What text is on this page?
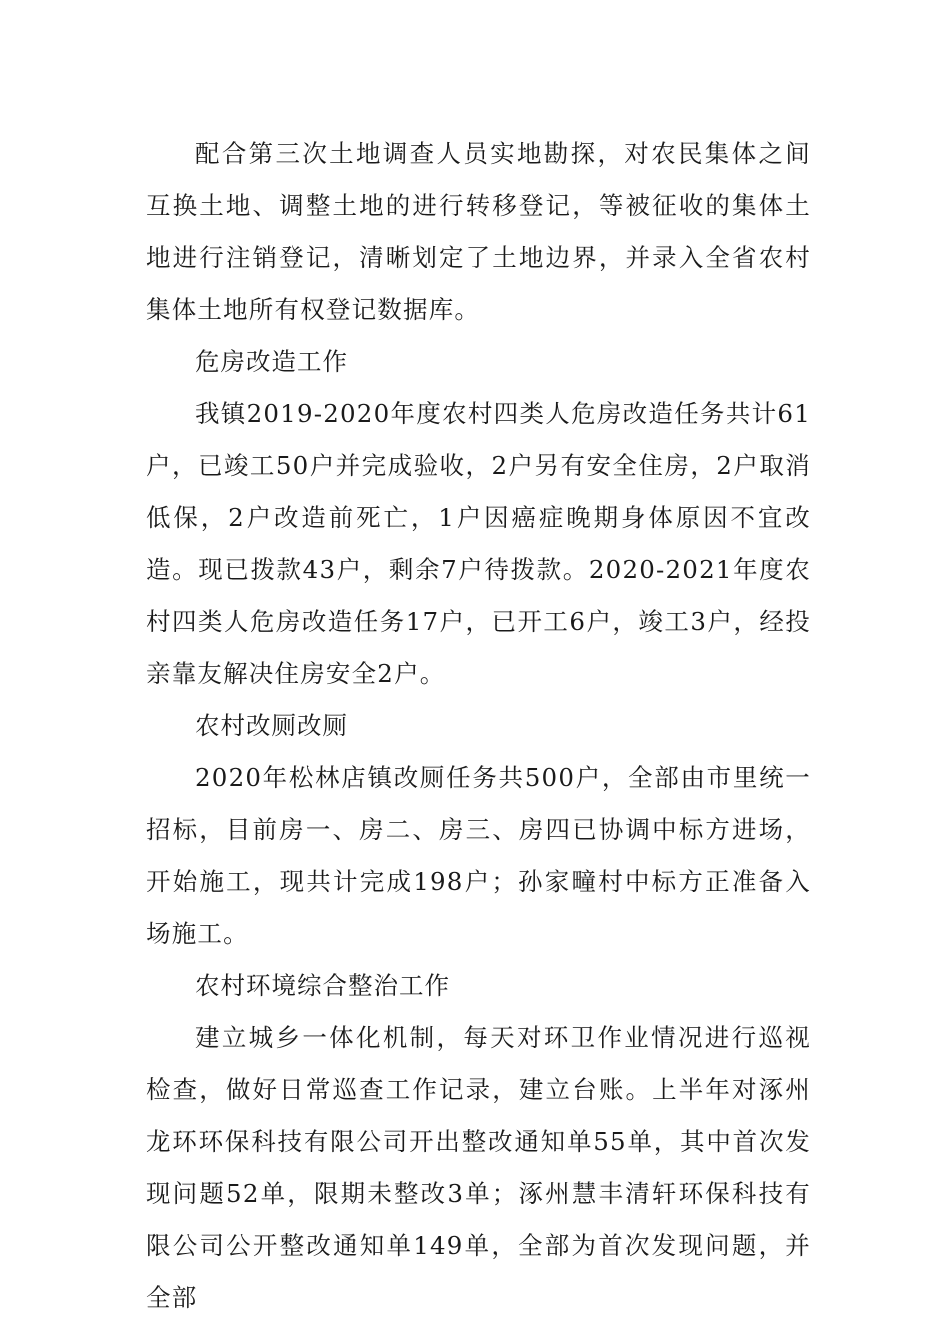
配合第三次土地调查人员实地勘探，对农民集体之间互换土地、调整土地的进行转移登记，等被征收的集体土地进行注销登记，清晰划定了土地边界，并录入全省农村集体土地所有权登记数据库。

危房改造工作

我镇2019-2020年度农村四类人危房改造任务共计61户，已竣工50户并完成验收，2户另有安全住房，2户取消低保，2户改造前死亡，1户因癌症晚期身体原因不宜改造。现已拨款43户，剩余7户待拨款。2020-2021年度农村四类人危房改造任务17户，已开工6户，竣工3户，经投亲靠友解决住房安全2户。

农村改厕改厕

2020年松林店镇改厕任务共500户，全部由市里统一招标，目前房一、房二、房三、房四已协调中标方进场，开始施工，现共计完成198户；孙家疃村中标方正准备入场施工。

农村环境综合整治工作

建立城乡一体化机制，每天对环卫作业情况进行巡视检查，做好日常巡查工作记录，建立台账。上半年对涿州龙环环保科技有限公司开出整改通知单55单，其中首次发现问题52单，限期未整改3单；涿州慧丰清轩环保科技有限公司公开整改通知单149单，全部为首次发现问题，并全部
